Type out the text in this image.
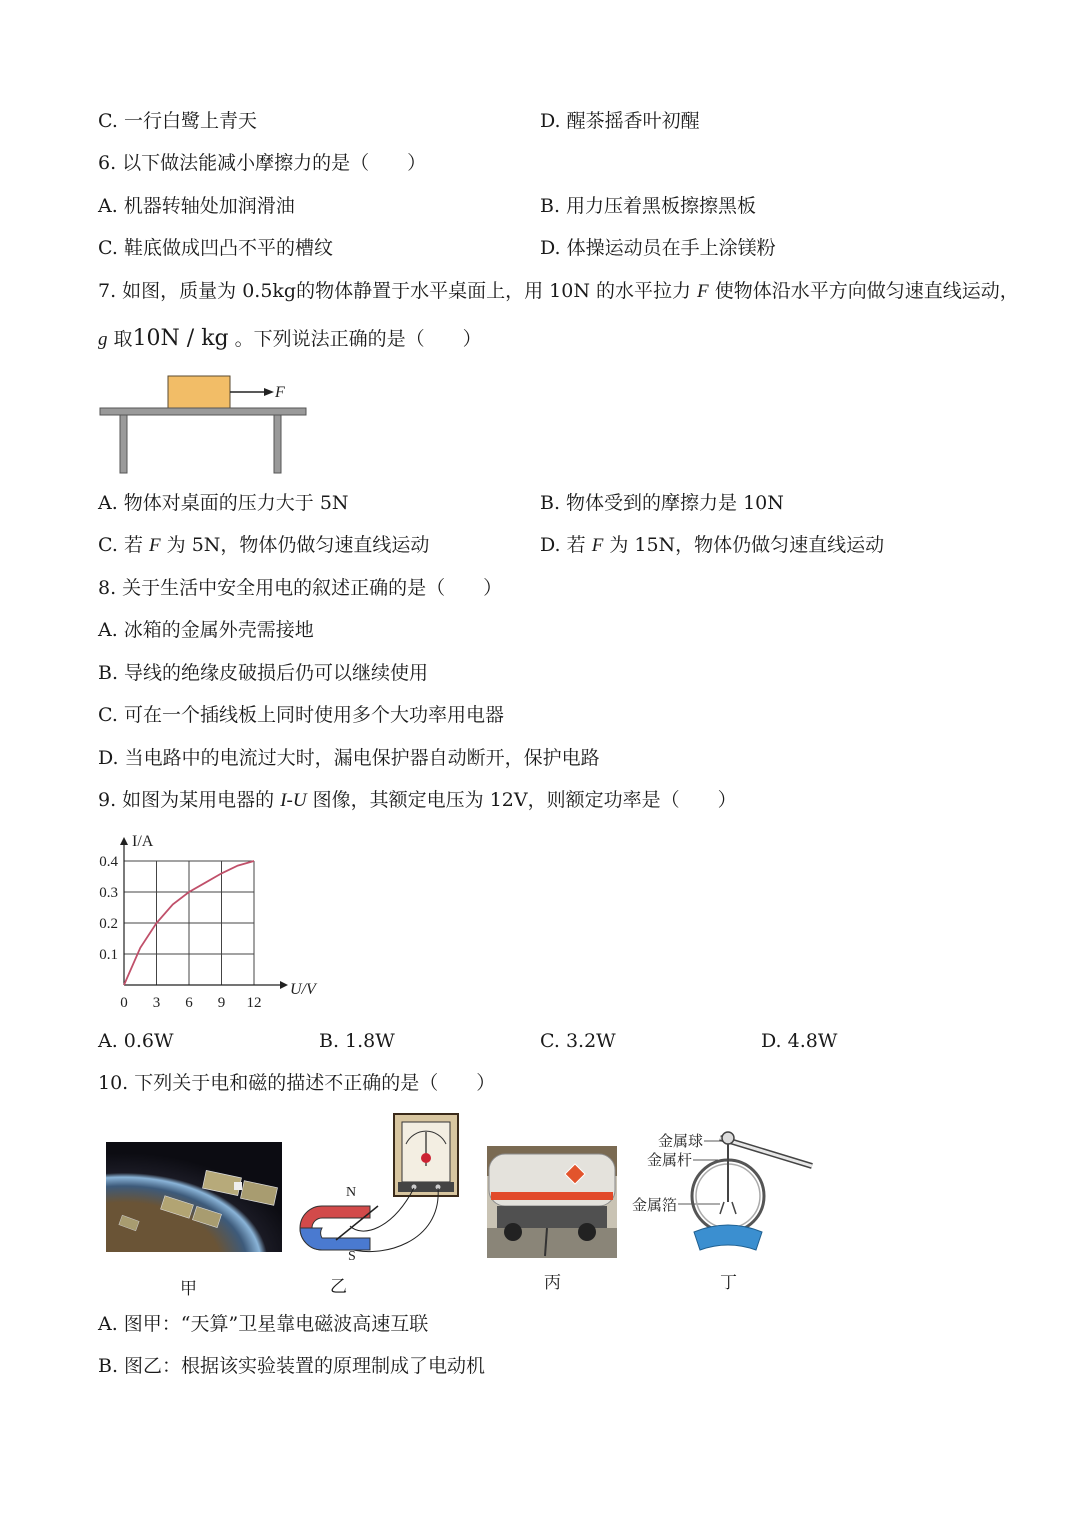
C. 一行白鹭上青天	D. 醒茶摇香叶初醒
6. 以下做法能减小摩擦力的是（　　）
A. 机器转轴处加润滑油	B. 用力压着黑板擦擦黑板
C. 鞋底做成凹凸不平的槽纹	D. 体操运动员在手上涂镁粉
7. 如图，质量为 0.5kg的物体静置于水平桌面上，用 10N 的水平拉力 F 使物体沿水平方向做匀速直线运动，
g 取10N / kg 。下列说法正确的是（　　）
F
A. 物体对桌面的压力大于 5N	B. 物体受到的摩擦力是 10N
C. 若 F 为 5N，物体仍做匀速直线运动	D. 若 F 为 15N，物体仍做匀速直线运动
8. 关于生活中安全用电的叙述正确的是（　　）
A. 冰箱的金属外壳需接地
B. 导线的绝缘皮破损后仍可以继续使用
C. 可在一个插线板上同时使用多个大功率用电器
D. 当电路中的电流过大时，漏电保护器自动断开，保护电路
9. 如图为某用电器的 I-U 图像，其额定电压为 12V，则额定功率是（　　）
I/A
U/V
0 3 6 9 12
0.1
0.2
0.3
0.4
A. 0.6W	B. 1.8W	C. 3.2W	D. 4.8W
10. 下列关于电和磁的描述不正确的是（　　）
甲
N
S
乙	丙
金属球
金属杆
金属箔
丁
A. 图甲：“天算”卫星靠电磁波高速互联
B. 图乙：根据该实验装置的原理制成了电动机
